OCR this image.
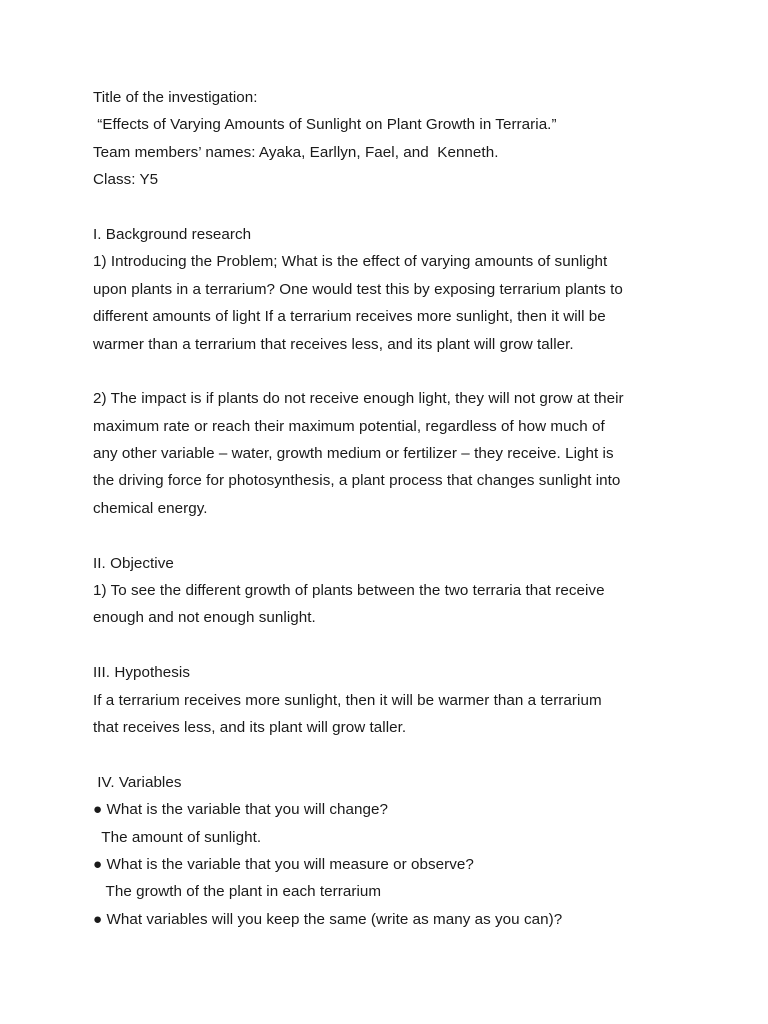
Title of the investigation:
“Effects of Varying Amounts of Sunlight on Plant Growth in Terraria.”
Team members’ names: Ayaka, Earllyn, Fael, and  Kenneth.
Class: Y5
I. Background research
1) Introducing the Problem; What is the effect of varying amounts of sunlight
upon plants in a terrarium? One would test this by exposing terrarium plants to
different amounts of light If a terrarium receives more sunlight, then it will be
warmer than a terrarium that receives less, and its plant will grow taller.
2) The impact is if plants do not receive enough light, they will not grow at their
maximum rate or reach their maximum potential, regardless of how much of
any other variable – water, growth medium or fertilizer – they receive. Light is
the driving force for photosynthesis, a plant process that changes sunlight into
chemical energy.
II. Objective
1) To see the different growth of plants between the two terraria that receive
enough and not enough sunlight.
III. Hypothesis
If a terrarium receives more sunlight, then it will be warmer than a terrarium
that receives less, and its plant will grow taller.
IV. Variables
● What is the variable that you will change?
The amount of sunlight.
● What is the variable that you will measure or observe?
The growth of the plant in each terrarium
● What variables will you keep the same (write as many as you can)?
